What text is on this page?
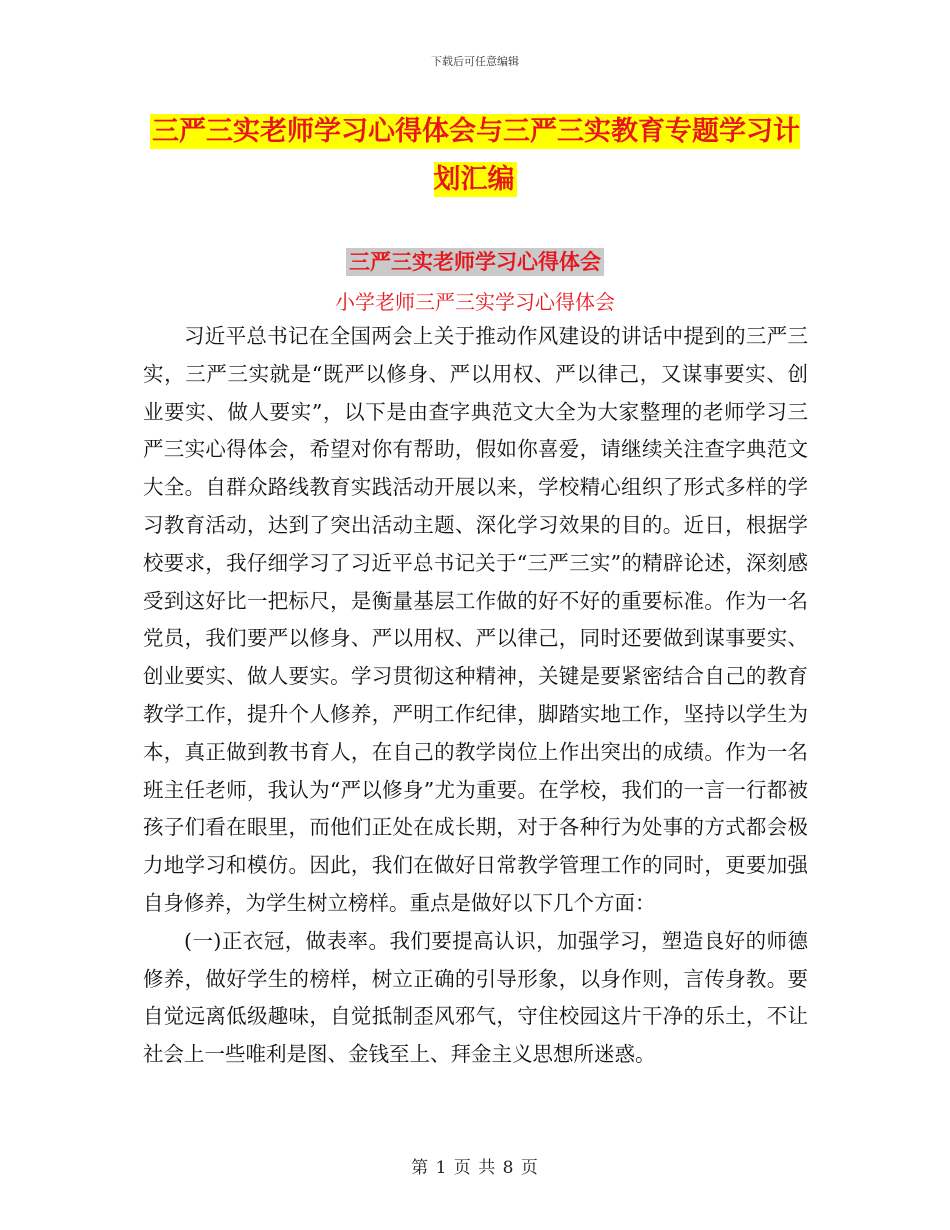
下载后可任意编辑
三严三实老师学习心得体会与三严三实教育专题学习计划汇编
三严三实老师学习心得体会
小学老师三严三实学习心得体会

习近平总书记在全国两会上关于推动作风建设的讲话中提到的三严三实，三严三实就是“既严以修身、严以用权、严以律己，又谋事要实、创业要实、做人要实”，以下是由查字典范文大全为大家整理的老师学习三严三实心得体会，希望对你有帮助，假如你喜爱，请继续关注查字典范文大全。自群众路线教育实践活动开展以来，学校精心组织了形式多样的学习教育活动，达到了突出活动主题、深化学习效果的目的。近日，根据学校要求，我仔细学习了习近平总书记关于“三严三实”的精辟论述，深刻感受到这好比一把标尺，是衡量基层工作做的好不好的重要标准。作为一名党员，我们要严以修身、严以用权、严以律己，同时还要做到谋事要实、创业要实、做人要实。学习贯彻这种精神，关键是要紧密结合自己的教育教学工作，提升个人修养，严明工作纪律，脚踏实地工作，坚持以学生为本，真正做到教书育人，在自己的教学岗位上作出突出的成绩。作为一名班主任老师，我认为“严以修身”尤为重要。在学校，我们的一言一行都被孩子们看在眼里，而他们正处在成长期，对于各种行为处事的方式都会极力地学习和模仿。因此，我们在做好日常教学管理工作的同时，更要加强自身修养，为学生树立榜样。重点是做好以下几个方面：

(一)正衣冠，做表率。我们要提高认识，加强学习，塑造良好的师德修养，做好学生的榜样，树立正确的引导形象，以身作则，言传身教。要自觉远离低级趣味，自觉抵制歪风邪气，守住校园这片干净的乐土，不让社会上一些唯利是图、金钱至上、拜金主义思想所迷惑。

第 1 页 共 8 页
